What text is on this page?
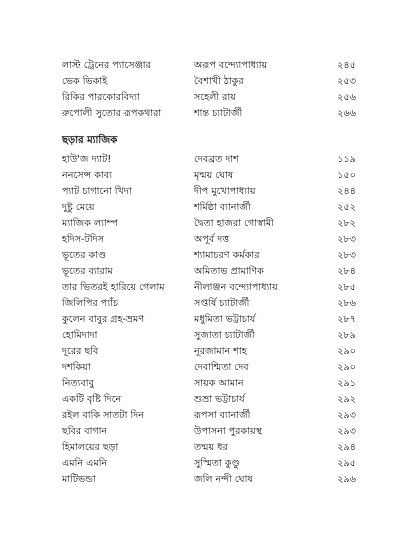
লাস্ট ট্রেনের প্যাসেঞ্জার	অরূপ বন্দ্যোপাধ্যায়	২৪৫
ভেক ভিকাই	বৈশাখী ঠাকুর	২৫৩
রিকির পারকোরবিদ্যা	সহেলী রায়	২৫৬
রুপোলী সুতোর রূপকথারা	শান্ত চ্যাটার্জী	২৬৬
ছড়ার ম্যাজিক
হাউ'জ দ্যাট!	দেবব্রত দাশ	১১৯
ননসেন্স কাব্য	মৃন্ময় ঘোষ	১৫০
প্যাট চাগানো খিদা	দীপ মুখোপাধ্যায়	২৪৪
দুষ্টু মেয়ে	শর্মিষ্ঠা ব্যানার্জী	২৫২
ম্যাজিক ল্যাম্প	দ্বৈতা হাজরা গোস্বামী	২৮২
হদিস-টদিস	অপূর্ব দত্ত	২৮৩
ভূতের কাণ্ড	শ্যামাচরণ কর্মকার	২৮৩
ভূতের ব্যারাম	অমিতাভ প্রামাণিক	২৮৪
তার ভিতরই হারিয়ে গেলাম	নীলাঞ্জন বন্দ্যোপাধ্যায়	২৮৫
জিলিপির প্যাঁচ	সপ্তর্ষি চ্যাটার্জী	২৮৬
কুলেন বাবুর গ্রহ-ভ্রমণ	মধুমিতা ভট্টাচার্য	২৮৭
হোমিদাদা	সুজাতা চ্যাটার্জী	২৮৯
দূরের ছবি	নূরজামান শাহ	২৯০
দশকিয়া	দেবাশ্মিতা দেব	২৯০
নিত্যবাবু	সায়ক আমান	২৯১
একটি বৃষ্টি দিনে	শুভ্রা ভট্টাচার্য	২৯২
রইল বাকি সাতটা দিন	রূপসা ব্যানার্জী	২৯৩
ছবির বাগান	উপাসনা পুরকায়স্থ	২৯৩
হিমালয়ের ছড়া	তন্ময় ধর	২৯৪
এমনি এমনি	সুস্মিতা কুণ্ডু	২৯৫
মাটিভন্ডা	জলি নন্দী ঘোষ	২৯৬
